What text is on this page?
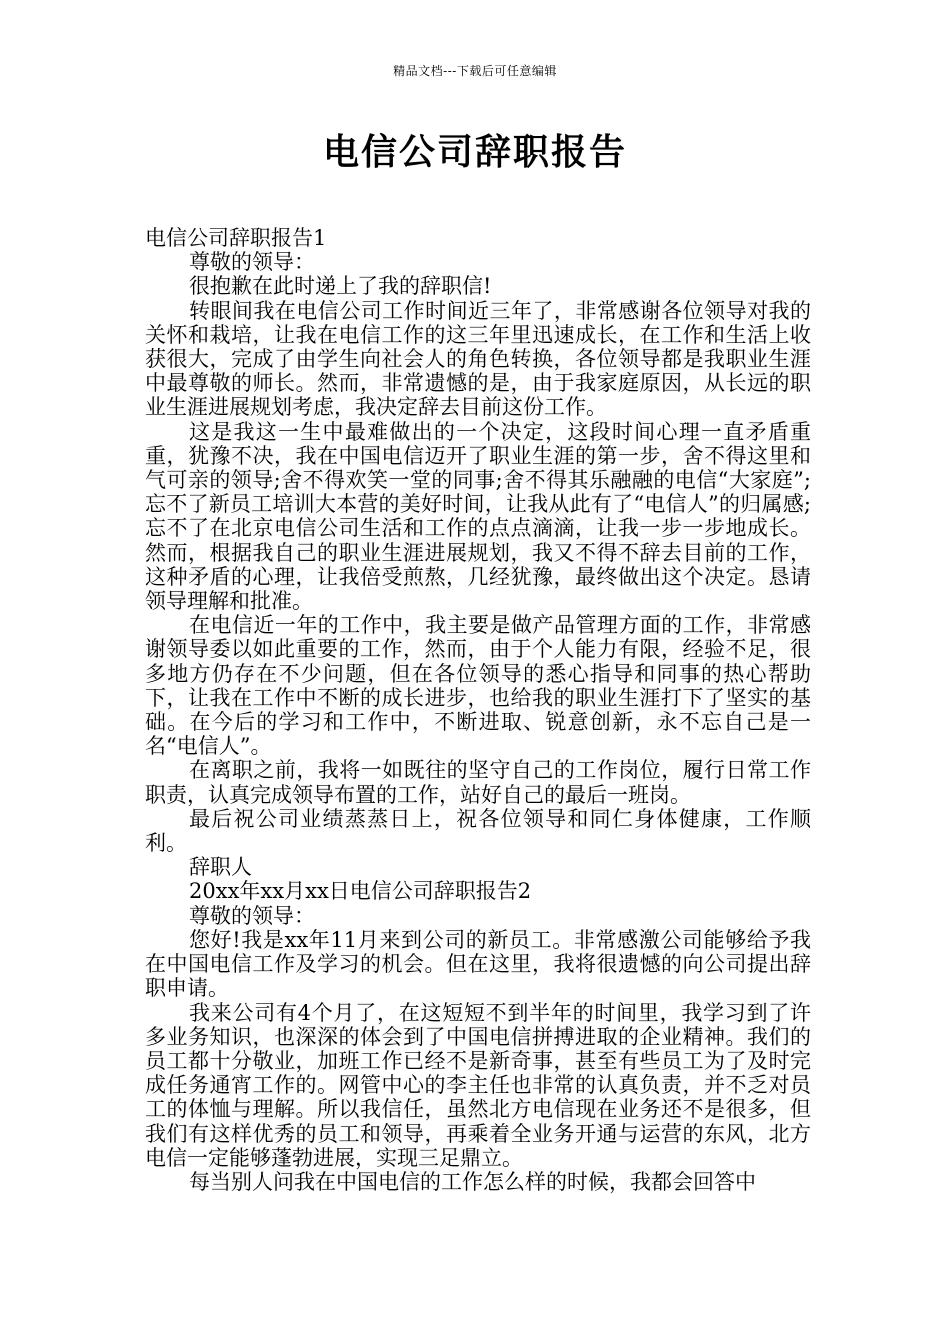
精品文档---下载后可任意编辑
电信公司辞职报告

电信公司辞职报告1

尊敬的领导：

很抱歉在此时递上了我的辞职信!

转眼间我在电信公司工作时间近三年了，非常感谢各位领导对我的关怀和栽培，让我在电信工作的这三年里迅速成长，在工作和生活上收获很大，完成了由学生向社会人的角色转换，各位领导都是我职业生涯中最尊敬的师长。然而，非常遗憾的是，由于我家庭原因，从长远的职业生涯进展规划考虑，我决定辞去目前这份工作。

这是我这一生中最难做出的一个决定，这段时间心理一直矛盾重重，犹豫不决，我在中国电信迈开了职业生涯的第一步，舍不得这里和气可亲的领导;舍不得欢笑一堂的同事;舍不得其乐融融的电信“大家庭”;忘不了新员工培训大本营的美好时间，让我从此有了“电信人”的归属感;忘不了在北京电信公司生活和工作的点点滴滴，让我一步一步地成长。然而，根据我自己的职业生涯进展规划，我又不得不辞去目前的工作，这种矛盾的心理，让我倍受煎熬，几经犹豫，最终做出这个决定。恳请领导理解和批准。

在电信近一年的工作中，我主要是做产品管理方面的工作，非常感谢领导委以如此重要的工作，然而，由于个人能力有限，经验不足，很多地方仍存在不少问题，但在各位领导的悉心指导和同事的热心帮助下，让我在工作中不断的成长进步，也给我的职业生涯打下了坚实的基础。在今后的学习和工作中，不断进取、锐意创新，永不忘自己是一名“电信人”。

在离职之前，我将一如既往的坚守自己的工作岗位，履行日常工作职责，认真完成领导布置的工作，站好自己的最后一班岗。

最后祝公司业绩蒸蒸日上，祝各位领导和同仁身体健康，工作顺利。

辞职人

20xx年xx月xx日电信公司辞职报告2

尊敬的领导：

您好!我是xx年11月来到公司的新员工。非常感激公司能够给予我在中国电信工作及学习的机会。但在这里，我将很遗憾的向公司提出辞职申请。

我来公司有4个月了，在这短短不到半年的时间里，我学习到了许多业务知识，也深深的体会到了中国电信拼搏进取的企业精神。我们的员工都十分敬业，加班工作已经不是新奇事，甚至有些员工为了及时完成任务通宵工作的。网管中心的李主任也非常的认真负责，并不乏对员工的体恤与理解。所以我信任，虽然北方电信现在业务还不是很多，但我们有这样优秀的员工和领导，再乘着全业务开通与运营的东风，北方电信一定能够蓬勃进展，实现三足鼎立。

每当别人问我在中国电信的工作怎么样的时候，我都会回答中
